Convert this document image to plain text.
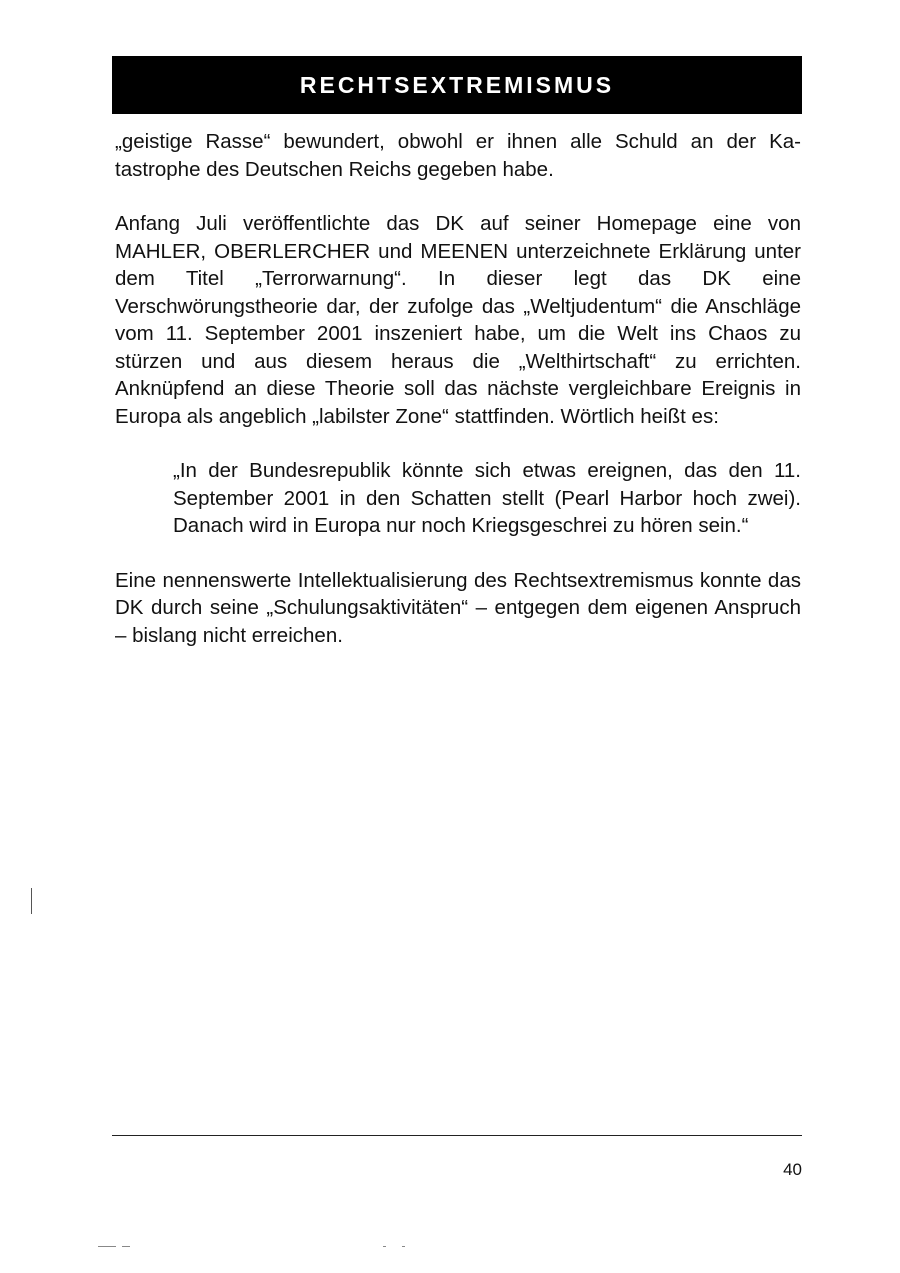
RECHTSEXTREMISMUS

„geistige Rasse“ bewundert, obwohl er ihnen alle Schuld an der Katastrophe des Deutschen Reichs gegeben habe.

Anfang Juli veröffentlichte das DK auf seiner Homepage eine von MAHLER, OBERLERCHER und MEENEN unterzeichnete Erklärung unter dem Titel „Terrorwarnung“. In dieser legt das DK eine Verschwörungstheorie dar, der zufolge das „Weltjudentum“ die Anschläge vom 11. September 2001 inszeniert habe, um die Welt ins Chaos zu stürzen und aus diesem heraus die „Welthirtschaft“ zu errichten. Anknüpfend an diese Theorie soll das nächste vergleichbare Ereignis in Europa als angeblich „labilster Zone“ stattfinden. Wörtlich heißt es:

„In der Bundesrepublik könnte sich etwas ereignen, das den 11. September 2001 in den Schatten stellt (Pearl Harbor hoch zwei). Danach wird in Europa nur noch Kriegsgeschrei zu hören sein.“

Eine nennenswerte Intellektualisierung des Rechtsextremismus konnte das DK durch seine „Schulungsaktivitäten“ – entgegen dem eigenen Anspruch – bislang nicht erreichen.

40
